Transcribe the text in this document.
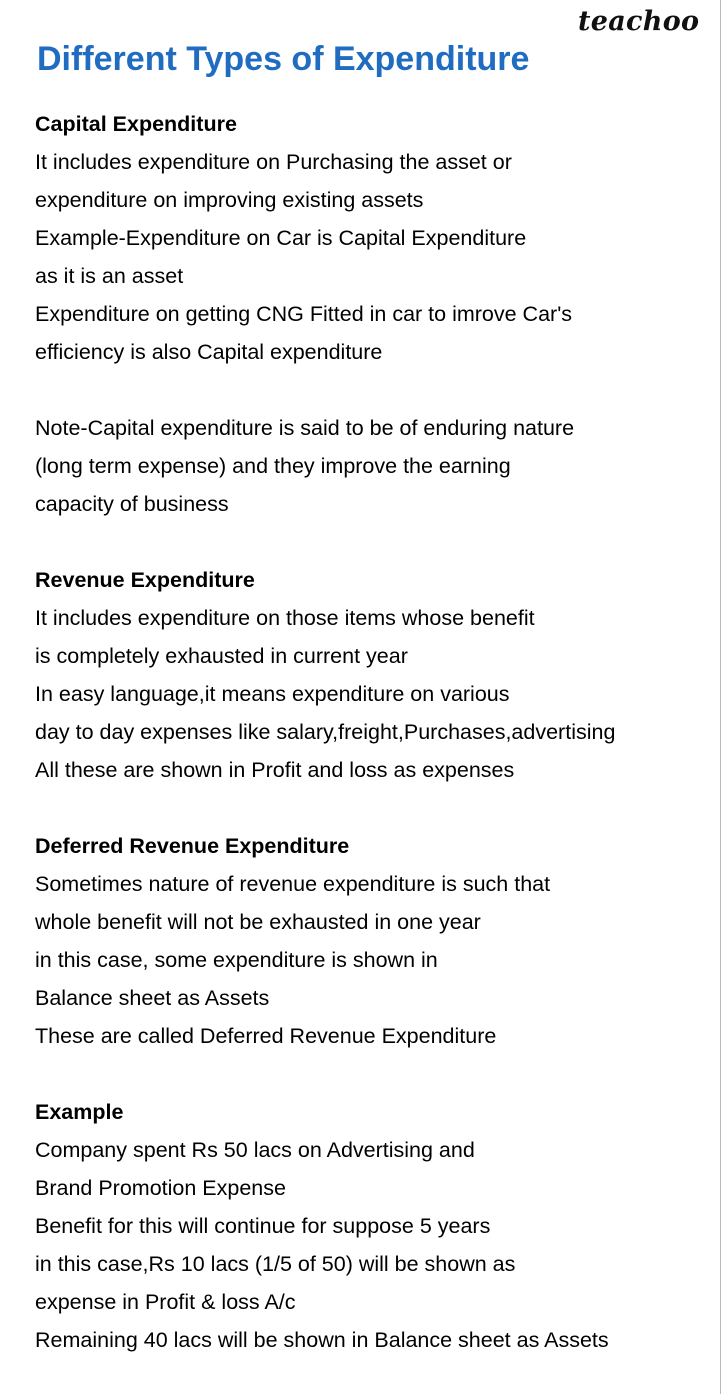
teachoo
Different Types of Expenditure
Capital Expenditure
It includes expenditure on Purchasing the asset or
expenditure on improving existing assets
Example-Expenditure on Car is Capital Expenditure
as it is an asset
Expenditure on getting CNG Fitted in car to imrove Car's
efficiency is also Capital expenditure
Note-Capital expenditure is said to be of enduring nature
(long term expense) and they improve the earning
capacity of business
Revenue Expenditure
It includes expenditure on those items whose benefit
is completely exhausted in current year
In easy language,it means expenditure on various
day to day expenses like salary,freight,Purchases,advertising
All these are shown in Profit and loss as expenses
Deferred Revenue Expenditure
Sometimes nature of revenue expenditure is such that
whole benefit will not be exhausted in one year
in this case, some expenditure is shown in
Balance sheet as Assets
These are called Deferred Revenue Expenditure
Example
Company spent Rs 50 lacs on Advertising and
Brand Promotion Expense
Benefit for this will continue for suppose 5 years
in this case,Rs 10 lacs (1/5 of 50) will be shown as
expense in Profit & loss A/c
Remaining 40 lacs will be shown in Balance sheet as Assets
